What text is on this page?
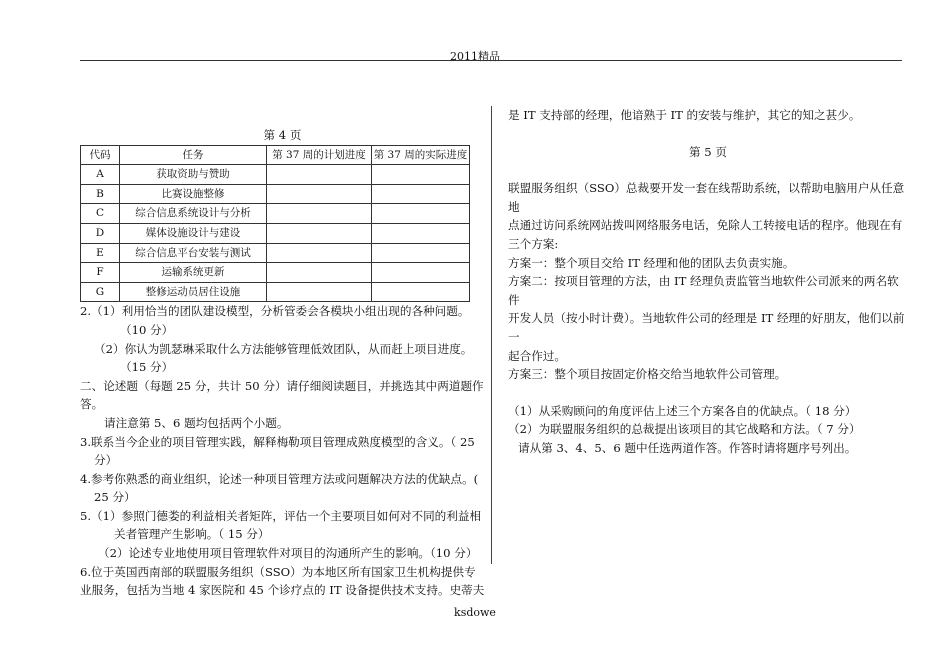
2011精品
第 4 页
代码	任务	第 37 周的计划进度	第 37 周的实际进度
A	获取资助与赞助		
B	比赛设施整修		
C	综合信息系统设计与分析		
D	媒体设施设计与建设		
E	综合信息平台安装与测试		
F	运输系统更新		
G	整修运动员居住设施		

2.（1）利用恰当的团队建设模型，分析管委会各模块小组出现的各种问题。

（10 分）

（2）你认为凯瑟琳采取什么方法能够管理低效团队，从而赶上项目进度。

（15 分）

二、论述题（每题 25 分，共计 50 分）请仔细阅读题目，并挑选其中两道题作答。

请注意第 5、6 题均包括两个小题。

3.联系当今企业的项目管理实践，解释梅勒项目管理成熟度模型的含义。（ 25

分）

4.参考你熟悉的商业组织，论述一种项目管理方法或问题解决方法的优缺点。(

25 分）

5.（1）参照门德娄的利益相关者矩阵，评估一个主要项目如何对不同的利益相

关者管理产生影响。（ 15 分）

（2）论述专业地使用项目管理软件对项目的沟通所产生的影响。（10 分）

6.位于英国西南部的联盟服务组织（SSO）为本地区所有国家卫生机构提供专

业服务，包括为当地 4 家医院和 45 个诊疗点的 IT 设备提供技术支持。史蒂夫

是 IT 支持部的经理，他谙熟于 IT 的安装与维护，其它的知之甚少。

第 5 页

联盟服务组织（SSO）总裁要开发一套在线帮助系统，以帮助电脑用户从任意地

点通过访问系统网站拨叫网络服务电话，免除人工转接电话的程序。他现在有

三个方案:

方案一：整个项目交给 IT 经理和他的团队去负责实施。

方案二：按项目管理的方法，由 IT 经理负责监管当地软件公司派来的两名软件

开发人员（按小时计费）。当地软件公司的经理是 IT 经理的好朋友，他们以前一

起合作过。

方案三：整个项目按固定价格交给当地软件公司管理。

（1）从采购顾问的角度评估上述三个方案各自的优缺点。（ 18 分）

（2）为联盟服务组织的总裁提出该项目的其它战略和方法。（ 7 分）

请从第 3、4、5、6 题中任选两道作答。作答时请将题序号列出。

ksdowe
